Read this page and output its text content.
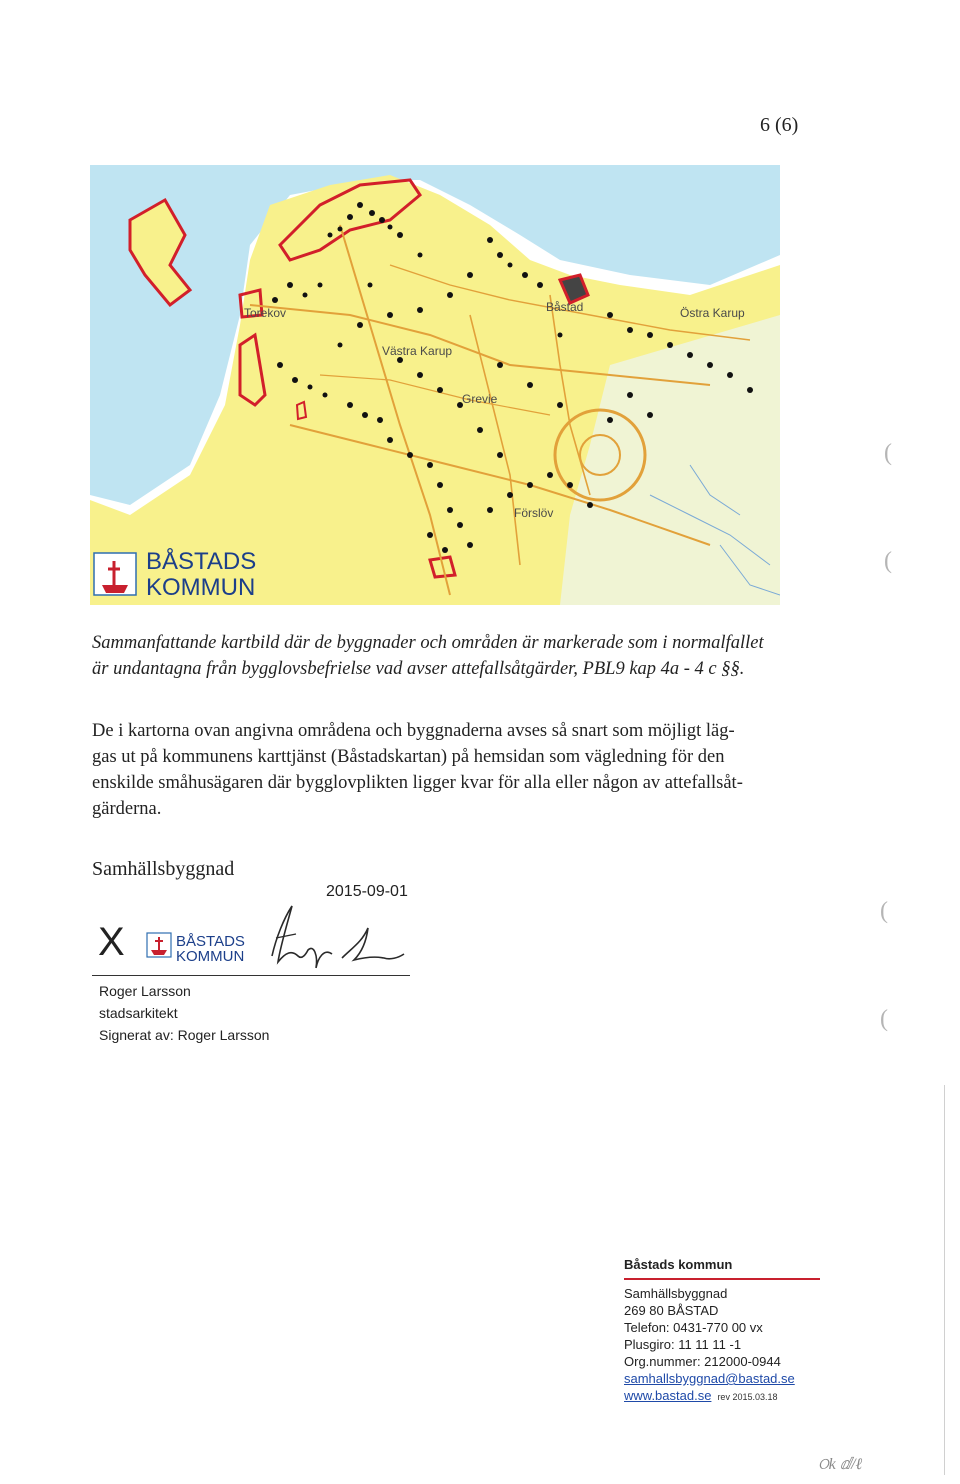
6 (6)
Torekov
Västra Karup
Båstad	Östra Karup
Grevie
Förslöv
BÅSTADS
KOMMUN
Sammanfattande kartbild där de byggnader och områden är markerade som i normalfallet
är undantagna från bygglovsbefrielse vad avser attefallsåtgärder, PBL9 kap 4a - 4 c §§.
De i kartorna ovan angivna områdena och byggnaderna avses så snart som möjligt läg-
gas ut på kommunens karttjänst (Båstadskartan) på hemsidan som vägledning för den
enskilde småhusägaren där bygglovplikten ligger kvar för alla eller någon av attefallsåt-
gärderna.
Samhällsbyggnad
2015-09-01
X	BÅSTADS
KOMMUN
Roger Larsson
stadsarkitekt
Signerat av: Roger Larsson
Båstads kommun
Samhällsbyggnad
269 80 BÅSTAD
Telefon: 0431-770 00 vx
Plusgiro: 11 11 11 -1
Org.nummer: 212000-0944
samhallsbyggnad@bastad.se
www.bastad.se rev 2015.03.18
(
(
(
(
ଠk ⅆ/ℓ
